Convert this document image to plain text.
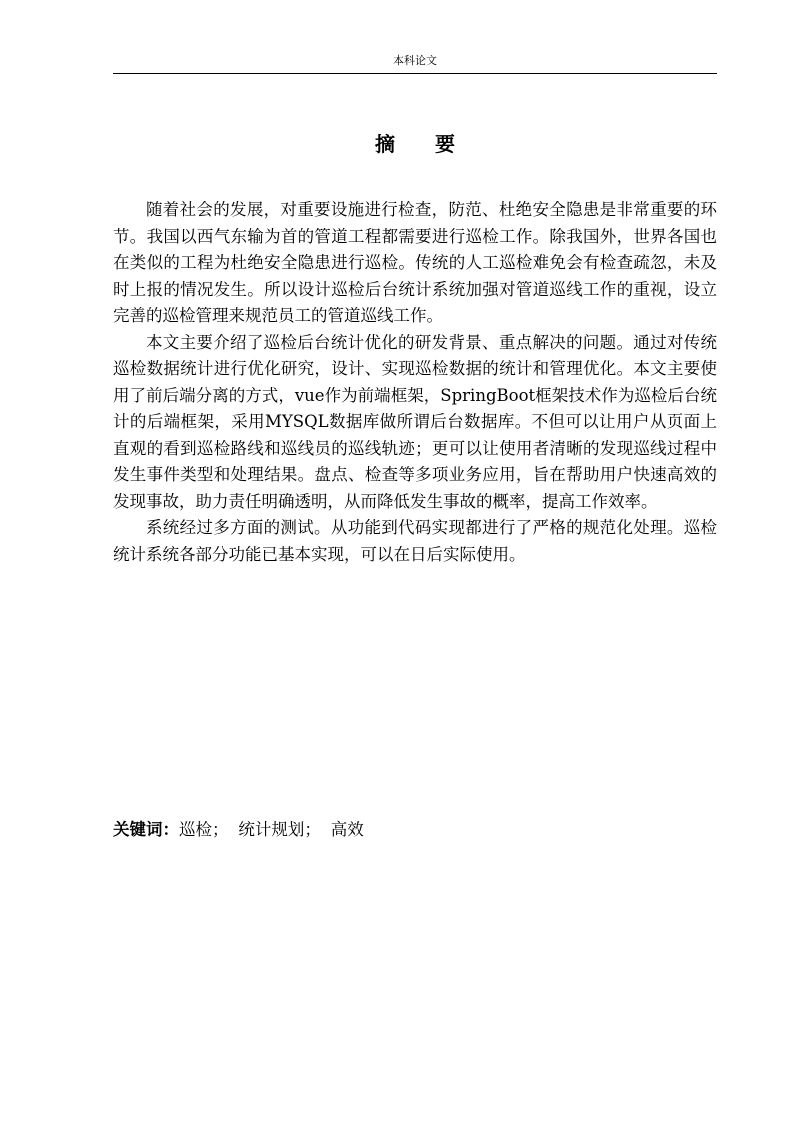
本科论文
摘要

随着社会的发展，对重要设施进行检查，防范、杜绝安全隐患是非常重要的环节。我国以西气东输为首的管道工程都需要进行巡检工作。除我国外，世界各国也在类似的工程为杜绝安全隐患进行巡检。传统的人工巡检难免会有检查疏忽，未及时上报的情况发生。所以设计巡检后台统计系统加强对管道巡线工作的重视，设立完善的巡检管理来规范员工的管道巡线工作。

本文主要介绍了巡检后台统计优化的研发背景、重点解决的问题。通过对传统巡检数据统计进行优化研究，设计、实现巡检数据的统计和管理优化。本文主要使用了前后端分离的方式，vue作为前端框架，SpringBoot框架技术作为巡检后台统计的后端框架，采用MYSQL数据库做所谓后台数据库。不但可以让用户从页面上直观的看到巡检路线和巡线员的巡线轨迹；更可以让使用者清晰的发现巡线过程中发生事件类型和处理结果。盘点、检查等多项业务应用，旨在帮助用户快速高效的发现事故，助力责任明确透明，从而降低发生事故的概率，提高工作效率。

系统经过多方面的测试。从功能到代码实现都进行了严格的规范化处理。巡检统计系统各部分功能已基本实现，可以在日后实际使用。

关键词：巡检； 统计规划； 高效
